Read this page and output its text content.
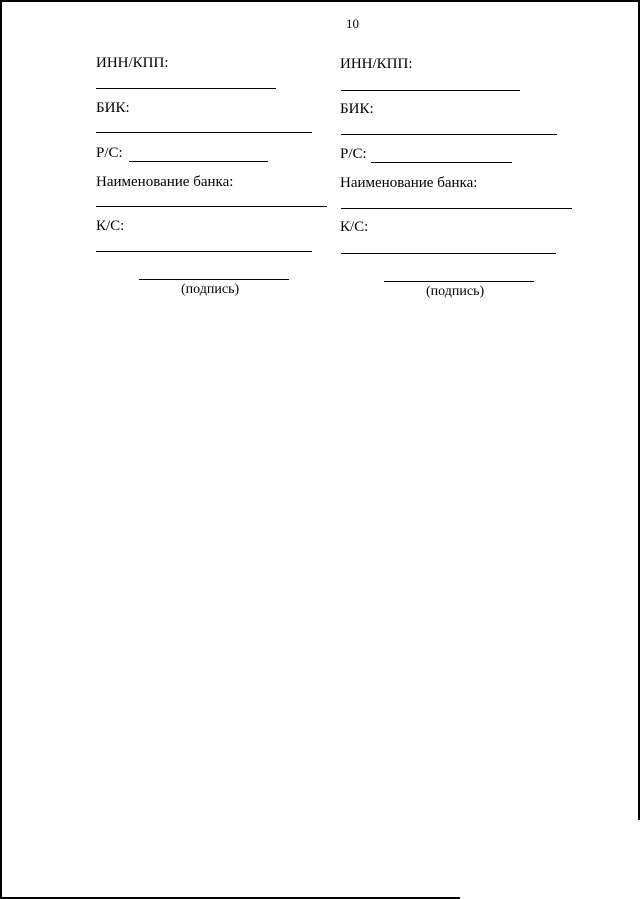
10
ИНН/КПП:
БИК:
Р/С:
Наименование банка:
К/С:
(подпись)
ИНН/КПП:
БИК:
Р/С:
Наименование банка:
К/С:
(подпись)
